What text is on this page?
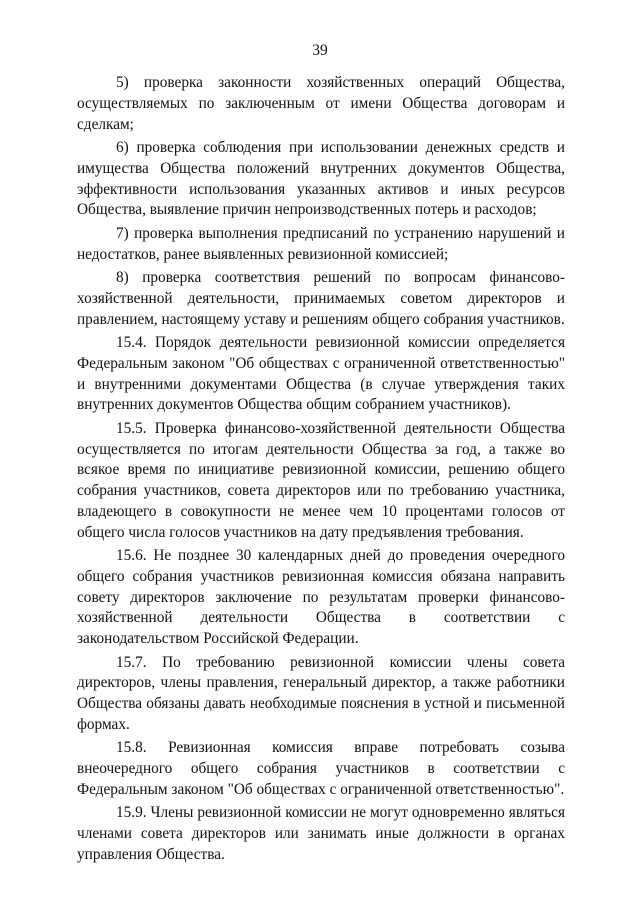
39

5) проверка законности хозяйственных операций Общества, осуществляемых по заключенным от имени Общества договорам и сделкам;

6) проверка соблюдения при использовании денежных средств и имущества Общества положений внутренних документов Общества, эффективности использования указанных активов и иных ресурсов Общества, выявление причин непроизводственных потерь и расходов;

7) проверка выполнения предписаний по устранению нарушений и недостатков, ранее выявленных ревизионной комиссией;

8) проверка соответствия решений по вопросам финансово-хозяйственной деятельности, принимаемых советом директоров и правлением, настоящему уставу и решениям общего собрания участников.

15.4. Порядок деятельности ревизионной комиссии определяется Федеральным законом "Об обществах с ограниченной ответственностью" и внутренними документами Общества (в случае утверждения таких внутренних документов Общества общим собранием участников).

15.5. Проверка финансово-хозяйственной деятельности Общества осуществляется по итогам деятельности Общества за год, а также во всякое время по инициативе ревизионной комиссии, решению общего собрания участников, совета директоров или по требованию участника, владеющего в совокупности не менее чем 10 процентами голосов от общего числа голосов участников на дату предъявления требования.

15.6. Не позднее 30 календарных дней до проведения очередного общего собрания участников ревизионная комиссия обязана направить совету директоров заключение по результатам проверки финансово-хозяйственной деятельности Общества в соответствии с законодательством Российской Федерации.

15.7. По требованию ревизионной комиссии члены совета директоров, члены правления, генеральный директор, а также работники Общества обязаны давать необходимые пояснения в устной и письменной формах.

15.8. Ревизионная комиссия вправе потребовать созыва внеочередного общего собрания участников в соответствии с Федеральным законом "Об обществах с ограниченной ответственностью".

15.9. Члены ревизионной комиссии не могут одновременно являться членами совета директоров или занимать иные должности в органах управления Общества.
